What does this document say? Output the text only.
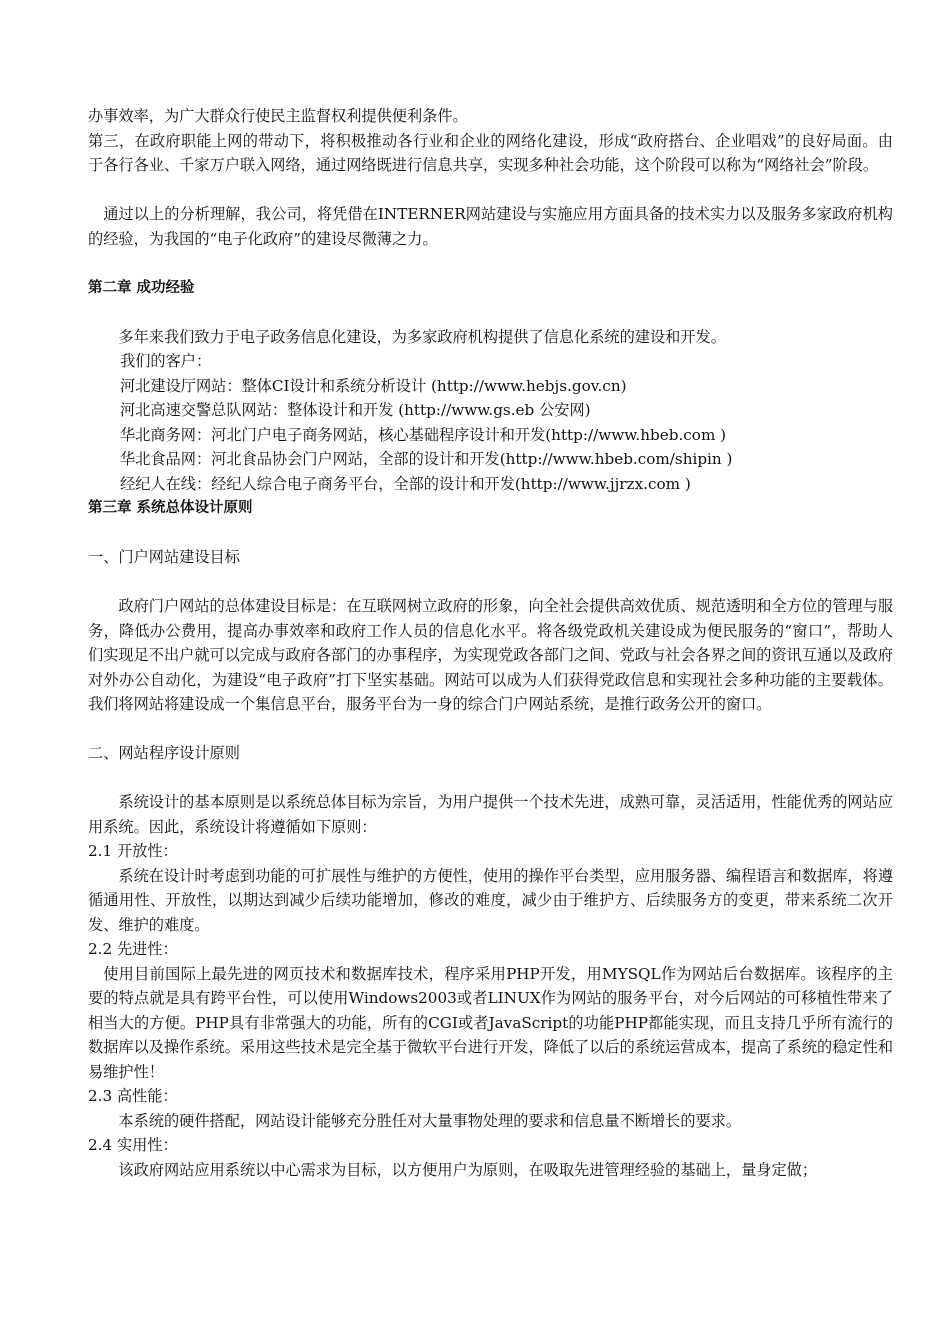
办事效率，为广大群众行使民主监督权利提供便利条件。

第三，在政府职能上网的带动下，将积极推动各行业和企业的网络化建设，形成“政府搭台、企业唱戏”的良好局面。由于各行各业、千家万户联入网络，通过网络既进行信息共享，实现多种社会功能，这个阶段可以称为“网络社会”阶段。

通过以上的分析理解，我公司，将凭借在INTERNER网站建设与实施应用方面具备的技术实力以及服务多家政府机构的经验，为我国的“电子化政府”的建设尽微薄之力。

第二章 成功经验

多年来我们致力于电子政务信息化建设，为多家政府机构提供了信息化系统的建设和开发。

我们的客户：

河北建设厅网站：整体CI设计和系统分析设计 (http://www.hebjs.gov.cn)

河北高速交警总队网站：整体设计和开发 (http://www.gs.eb 公安网)

华北商务网：河北门户电子商务网站，核心基础程序设计和开发(http://www.hbeb.com )

华北食品网：河北食品协会门户网站，全部的设计和开发(http://www.hbeb.com/shipin )

经纪人在线：经纪人综合电子商务平台，全部的设计和开发(http://www.jjrzx.com )

第三章 系统总体设计原则

一、门户网站建设目标

政府门户网站的总体建设目标是：在互联网树立政府的形象，向全社会提供高效优质、规范透明和全方位的管理与服务，降低办公费用，提高办事效率和政府工作人员的信息化水平。将各级党政机关建设成为便民服务的“窗口”，帮助人们实现足不出户就可以完成与政府各部门的办事程序，为实现党政各部门之间、党政与社会各界之间的资讯互通以及政府对外办公自动化，为建设“电子政府”打下坚实基础。网站可以成为人们获得党政信息和实现社会多种功能的主要载体。我们将网站将建设成一个集信息平台，服务平台为一身的综合门户网站系统，是推行政务公开的窗口。

二、网站程序设计原则

系统设计的基本原则是以系统总体目标为宗旨，为用户提供一个技术先进，成熟可靠，灵活适用，性能优秀的网站应用系统。因此，系统设计将遵循如下原则：

2.1 开放性：

系统在设计时考虑到功能的可扩展性与维护的方便性，使用的操作平台类型，应用服务器、编程语言和数据库，将遵循通用性、开放性，以期达到减少后续功能增加，修改的难度，减少由于维护方、后续服务方的变更，带来系统二次开发、维护的难度。

2.2 先进性：

使用目前国际上最先进的网页技术和数据库技术，程序采用PHP开发，用MYSQL作为网站后台数据库。该程序的主要的特点就是具有跨平台性，可以使用Windows2003或者LINUX作为网站的服务平台，对今后网站的可移植性带来了相当大的方便。PHP具有非常强大的功能，所有的CGI或者JavaScript的功能PHP都能实现，而且支持几乎所有流行的数据库以及操作系统。采用这些技术是完全基于微软平台进行开发，降低了以后的系统运营成本，提高了系统的稳定性和易维护性！

2.3 高性能：

本系统的硬件搭配，网站设计能够充分胜任对大量事物处理的要求和信息量不断增长的要求。

2.4 实用性：

该政府网站应用系统以中心需求为目标，以方便用户为原则，在吸取先进管理经验的基础上，量身定做；
